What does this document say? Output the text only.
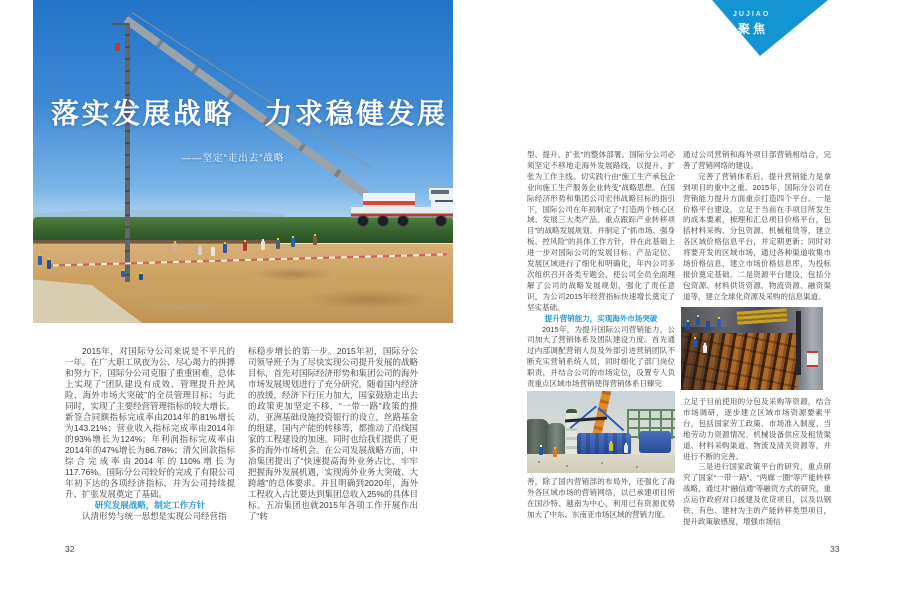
JUJIAO
聚焦
落实发展战略　力求稳健发展
——坚定“走出去”战略

2015年，对国际分公司来说是不平凡的一年。在广大职工夙夜为公、尽心竭力的拼搏和努力下，国际分公司克服了重重困难，总体上实现了“团队建设有成效、管理提升控风险、海外市场大突破”的全员管理目标；与此同时，实现了主要经营管理指标的较大增长。新签合同额指标完成率由2014年的81%增长为143.21%；营业收入指标完成率由2014年的93%增长为124%；年利润指标完成率由2014年的47%增长为86.78%；清欠回款指标综合完成率由2014年的110%增长为117.76%。国际分公司较好的完成了有限公司年初下达的各项经济指标，并为公司持续提升、扩张发展奠定了基础。

研究发展战略，制定工作方针

认清形势与统一思想是实现公司经营指

标稳步增长的第一步。2015年初，国际分公司领导班子为了尽快实现公司提升发展的战略目标，首先对国际经济形势和集团公司的海外市场发展规划进行了充分研究。随着国内经济的放缓，经济下行压力加大，国家鼓励走出去的政策更加坚定不移，“一带一路”政策的推动，亚洲基础设施投资银行的设立，丝路基金的组建，国内产能的转移等，都推动了沿线国家的工程建设的加速。同时也给我们提供了更多的海外市场机会。在公司发展战略方面，中冶集团提出了“快速提高海外业务占比，牢牢把握海外发展机遇，实现海外业务大突破、大跨越”的总体要求。并且明确到2020年，海外工程收入占比要达到集团总收入25%的具体目标。五冶集团也就2015年各项工作开展作出了“转

32

型、提升、扩张”的整体部署。国际分公司必须坚定不移地走海外发展路线，以提升、扩张为工作主线。切实践行由“施工生产承包企业向施工生产服务企业转变”战略思想。在国际经济形势和集团公司宏伟战略目标的指引下，国际公司在年初制定了“打造两个核心区域、发展三大类产品、重点跟踪产业转移项目”的战略发展规划。并制定了“抓市场、强身板、控风险”的具体工作方针，并在此基础上进一步对国际公司的发展目标、产品定位、发展区域进行了细化和明确化，年内公司多次组织召开各类专题会，使公司全员全面理解了公司的战略发展规划，强化了责任意识，为公司2015年经营指标快速增长奠定了坚实基础。

提升营销能力，实现海外市场突破

2015年，为提升国际公司营销能力，公司加大了营销体系及团队建设力度。首先通过内部调配营销人员及外部引进营销团队不断充实营销系统人员，同时细化了部门岗位职责，并结合公司的市场定位，设置专人负责重点区域市场营销使得营销体系日臻完

善，除了国内营销部的布局外，还强化了海外各区域市场的营销网络，以已承建项目所在国沙特、越南为中心，利用已有资源优势加大了中东、东南亚市场区域的营销力度。

通过公司营销和海外项目部营销相结合，完善了营销网络的建设。

完善了营销体系后，提升营销能力是拿到项目的重中之重。2015年，国际分公司在营销能力提升方面重点打造四个平台。一是价格平台建设，立足于当前在手项目所发生的成本要素，梳理和汇总项目价格平台，包括材料采购、分包资源、机械租赁等，建立各区域价格信息平台，并定期更新；同时对将要开发的区域市场，通过各种渠道收集市场价格信息，建立市场价格信息库，为投标报价奠定基础。二是资源平台建设，包括分包资源、材料供货资源、物流资源、融资渠道等，建立全球化资源及采购的信息渠道。

立足于目前使用的分包及采购等资源，结合市场调研，逐步建立区域市场资源要素平台，包括国家劳工政策、市场准入制度、当地劳动力资源情况、机械设备供应及租赁渠道、材料采购渠道、物流及清关资源等，并进行不断的完善。

三是进行国家政策平台的研究，重点研究了国家“一带一路”、“两廊一圈”等产能转移战略，通过对“融信通”等融资方式的研究，重点运作政府对口援建及优贷项目，以及以钢铁、有色、建材为主的产能转移类型项目，提升政策敏感度，增强市场信

33
